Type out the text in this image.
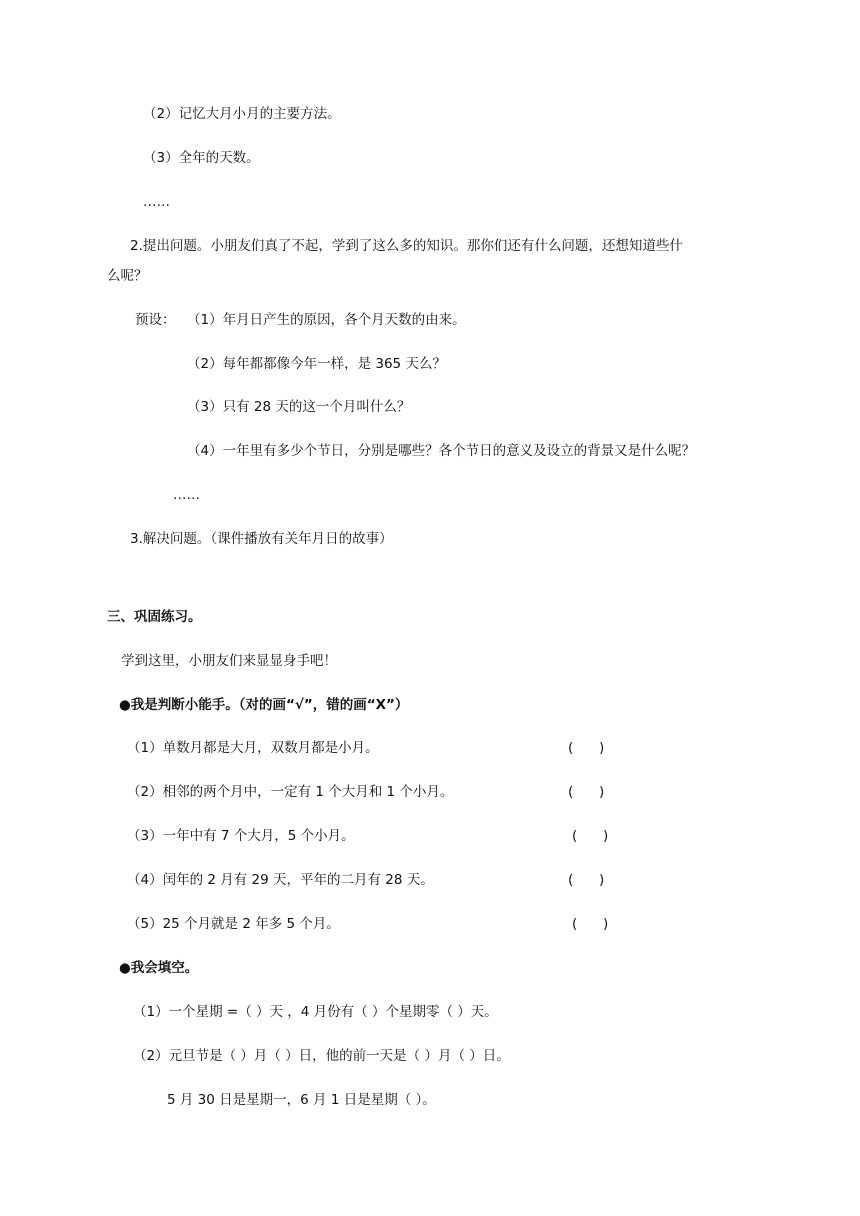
（2）记忆大月小月的主要方法。
（3）全年的天数。
……
2.提出问题。小朋友们真了不起，学到了这么多的知识。那你们还有什么问题，还想知道些什
么呢？
预设： （1）年月日产生的原因，各个月天数的由来。
（2）每年都都像今年一样，是 365 天么？
（3）只有 28 天的这一个月叫什么？
（4）一年里有多少个节日，分别是哪些？各个节日的意义及设立的背景又是什么呢？
……
3.解决问题。（课件播放有关年月日的故事）
三、巩固练习。
学到这里，小朋友们来显显身手吧！
●我是判断小能手。（对的画“√”，错的画“X”）
（1）单数月都是大月，双数月都是小月。	(      )
（2）相邻的两个月中，一定有 1 个大月和 1 个小月。	(      )
（3）一年中有 7 个大月，5 个小月。	(      )
（4）闰年的 2 月有 29 天，平年的二月有 28 天。	(      )
（5）25 个月就是 2 年多 5 个月。	(      )
●我会填空。
（1）一个星期 =（ ）天 ，4 月份有（ ）个星期零（ ）天。
（2）元旦节是（ ）月（ ）日，他的前一天是（ ）月（ ）日。
5 月 30 日是星期一，6 月 1 日是星期（ ）。
